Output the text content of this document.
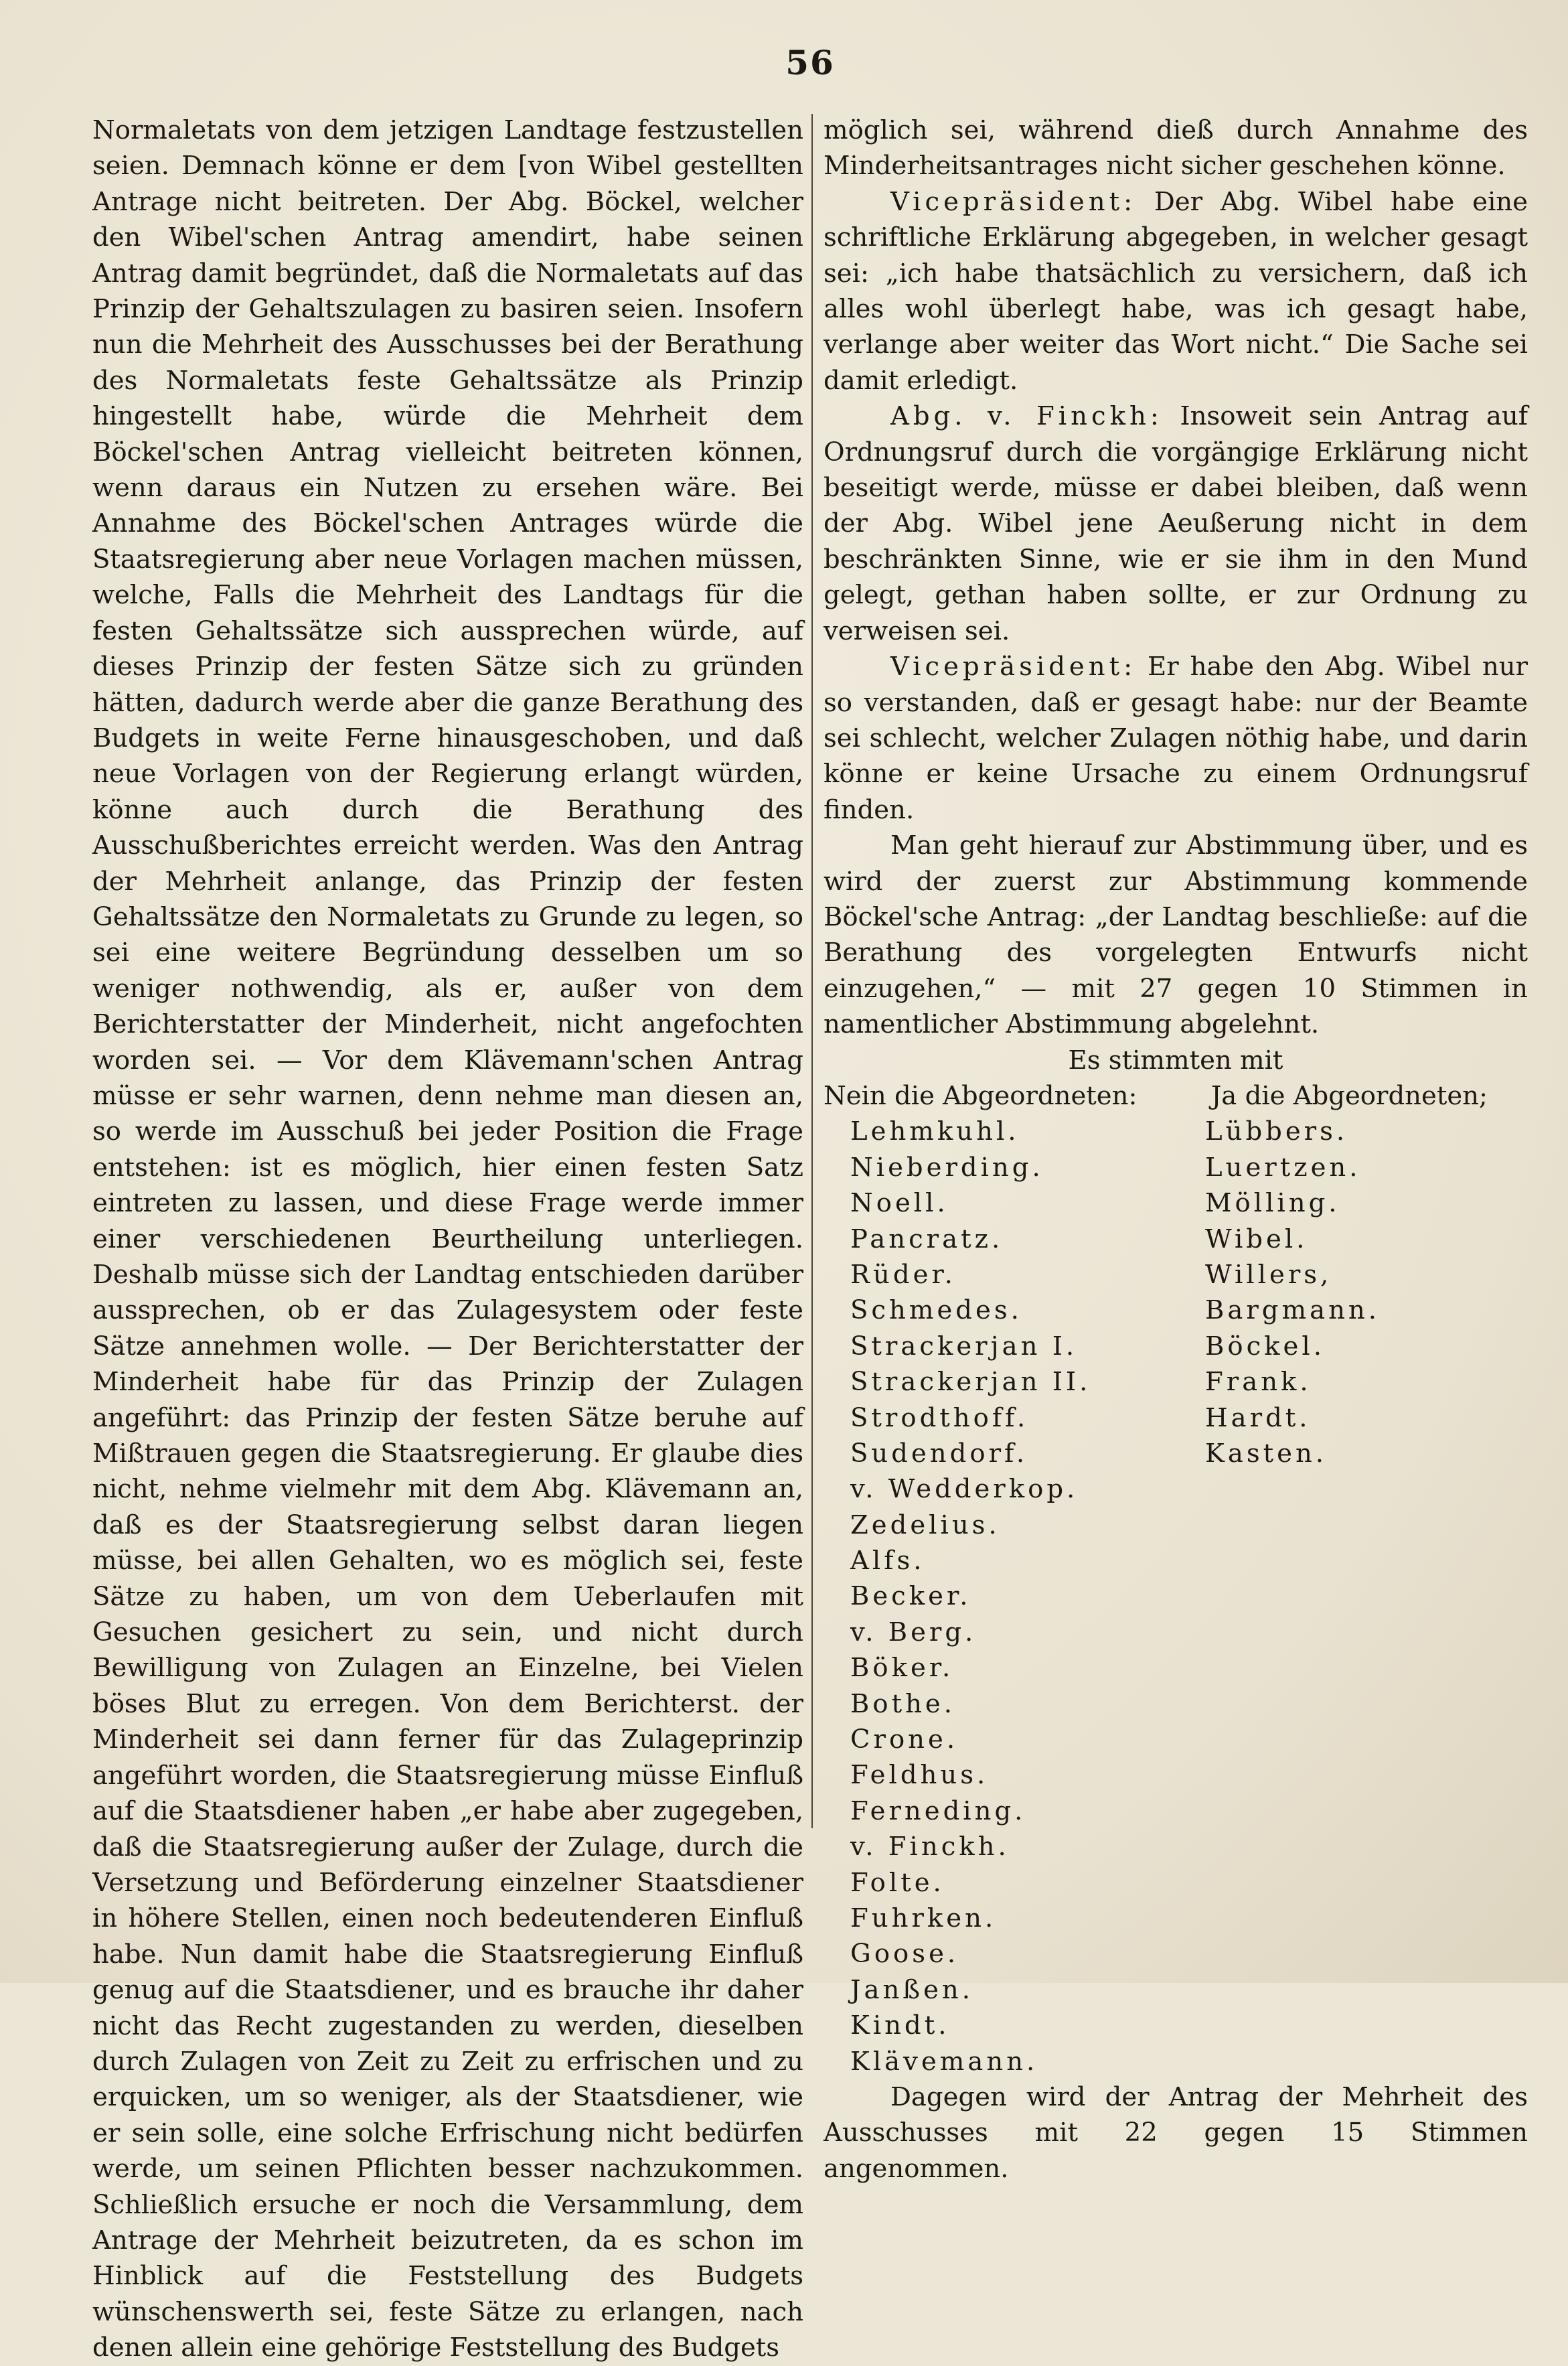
56

Normaletats von dem jetzigen Landtage festzustellen seien. Demnach könne er dem [von Wibel gestellten Antrage nicht beitreten. Der Abg. Böckel, welcher den Wibel'schen Antrag amendirt, habe seinen Antrag damit begründet, daß die Normaletats auf das Prinzip der Gehaltszulagen zu basiren seien. Insofern nun die Mehrheit des Ausschusses bei der Berathung des Normaletats feste Gehaltssätze als Prinzip hingestellt habe, würde die Mehrheit dem Böckel'schen Antrag vielleicht beitreten können, wenn daraus ein Nutzen zu ersehen wäre. Bei Annahme des Böckel'schen Antrages würde die Staatsregierung aber neue Vorlagen machen müssen, welche, Falls die Mehrheit des Landtags für die festen Gehaltssätze sich aussprechen würde, auf dieses Prinzip der festen Sätze sich zu gründen hätten, dadurch werde aber die ganze Berathung des Budgets in weite Ferne hinausgeschoben, und daß neue Vorlagen von der Regierung erlangt würden, könne auch durch die Berathung des Ausschußberichtes erreicht werden. Was den Antrag der Mehrheit anlange, das Prinzip der festen Gehaltssätze den Normaletats zu Grunde zu legen, so sei eine weitere Begründung desselben um so weniger nothwendig, als er, außer von dem Berichterstatter der Minderheit, nicht angefochten worden sei. — Vor dem Klävemann'schen Antrag müsse er sehr warnen, denn nehme man diesen an, so werde im Ausschuß bei jeder Position die Frage entstehen: ist es möglich, hier einen festen Satz eintreten zu lassen, und diese Frage werde immer einer verschiedenen Beurtheilung unterliegen. Deshalb müsse sich der Landtag entschieden darüber aussprechen, ob er das Zulagesystem oder feste Sätze annehmen wolle. — Der Berichterstatter der Minderheit habe für das Prinzip der Zulagen angeführt: das Prinzip der festen Sätze beruhe auf Mißtrauen gegen die Staatsregierung. Er glaube dies nicht, nehme vielmehr mit dem Abg. Klävemann an, daß es der Staatsregierung selbst daran liegen müsse, bei allen Gehalten, wo es möglich sei, feste Sätze zu haben, um von dem Ueberlaufen mit Gesuchen gesichert zu sein, und nicht durch Bewilligung von Zulagen an Einzelne, bei Vielen böses Blut zu erregen. Von dem Berichterst. der Minderheit sei dann ferner für das Zulageprinzip angeführt worden, die Staatsregierung müsse Einfluß auf die Staatsdiener haben „er habe aber zugegeben, daß die Staatsregierung außer der Zulage, durch die Versetzung und Beförderung einzelner Staatsdiener in höhere Stellen, einen noch bedeutenderen Einfluß habe. Nun damit habe die Staatsregierung Einfluß genug auf die Staatsdiener, und es brauche ihr daher nicht das Recht zugestanden zu werden, dieselben durch Zulagen von Zeit zu Zeit zu erfrischen und zu erquicken, um so weniger, als der Staatsdiener, wie er sein solle, eine solche Erfrischung nicht bedürfen werde, um seinen Pflichten besser nachzukommen. Schließlich ersuche er noch die Versammlung, dem Antrage der Mehrheit beizutreten, da es schon im Hinblick auf die Feststellung des Budgets wünschenswerth sei, feste Sätze zu erlangen, nach denen allein eine gehörige Feststellung des Budgets

möglich sei, während dieß durch Annahme des Minderheitsantrages nicht sicher geschehen könne.

Vicepräsident: Der Abg. Wibel habe eine schriftliche Erklärung abgegeben, in welcher gesagt sei: „ich habe thatsächlich zu versichern, daß ich alles wohl überlegt habe, was ich gesagt habe, verlange aber weiter das Wort nicht.“ Die Sache sei damit erledigt.

Abg. v. Finckh: Insoweit sein Antrag auf Ordnungsruf durch die vorgängige Erklärung nicht beseitigt werde, müsse er dabei bleiben, daß wenn der Abg. Wibel jene Aeußerung nicht in dem beschränkten Sinne, wie er sie ihm in den Mund gelegt, gethan haben sollte, er zur Ordnung zu verweisen sei.

Vicepräsident: Er habe den Abg. Wibel nur so verstanden, daß er gesagt habe: nur der Beamte sei schlecht, welcher Zulagen nöthig habe, und darin könne er keine Ursache zu einem Ordnungsruf finden.

Man geht hierauf zur Abstimmung über, und es wird der zuerst zur Abstimmung kommende Böckel'sche Antrag: „der Landtag beschließe: auf die Berathung des vorgelegten Entwurfs nicht einzugehen,“ — mit 27 gegen 10 Stimmen in namentlicher Abstimmung abgelehnt.

Es stimmten mit

Nein die Abgeordneten:	Ja die Abgeordneten;
Lehmkuhl.
Nieberding.
Noell.
Pancratz.
Rüder.
Schmedes.
Strackerjan I.
Strackerjan II.
Strodthoff.
Sudendorf.
v. Wedderkop.
Zedelius.
Alfs.
Becker.
v. Berg.
Böker.
Bothe.
Crone.
Feldhus.
Ferneding.
v. Finckh.
Folte.
Fuhrken.
Goose.
Janßen.
Kindt.
Klävemann.
Lübbers.
Luertzen.
Mölling.
Wibel.
Willers,
Bargmann.
Böckel.
Frank.
Hardt.
Kasten.

Dagegen wird der Antrag der Mehrheit des Ausschusses mit 22 gegen 15 Stimmen angenommen.
